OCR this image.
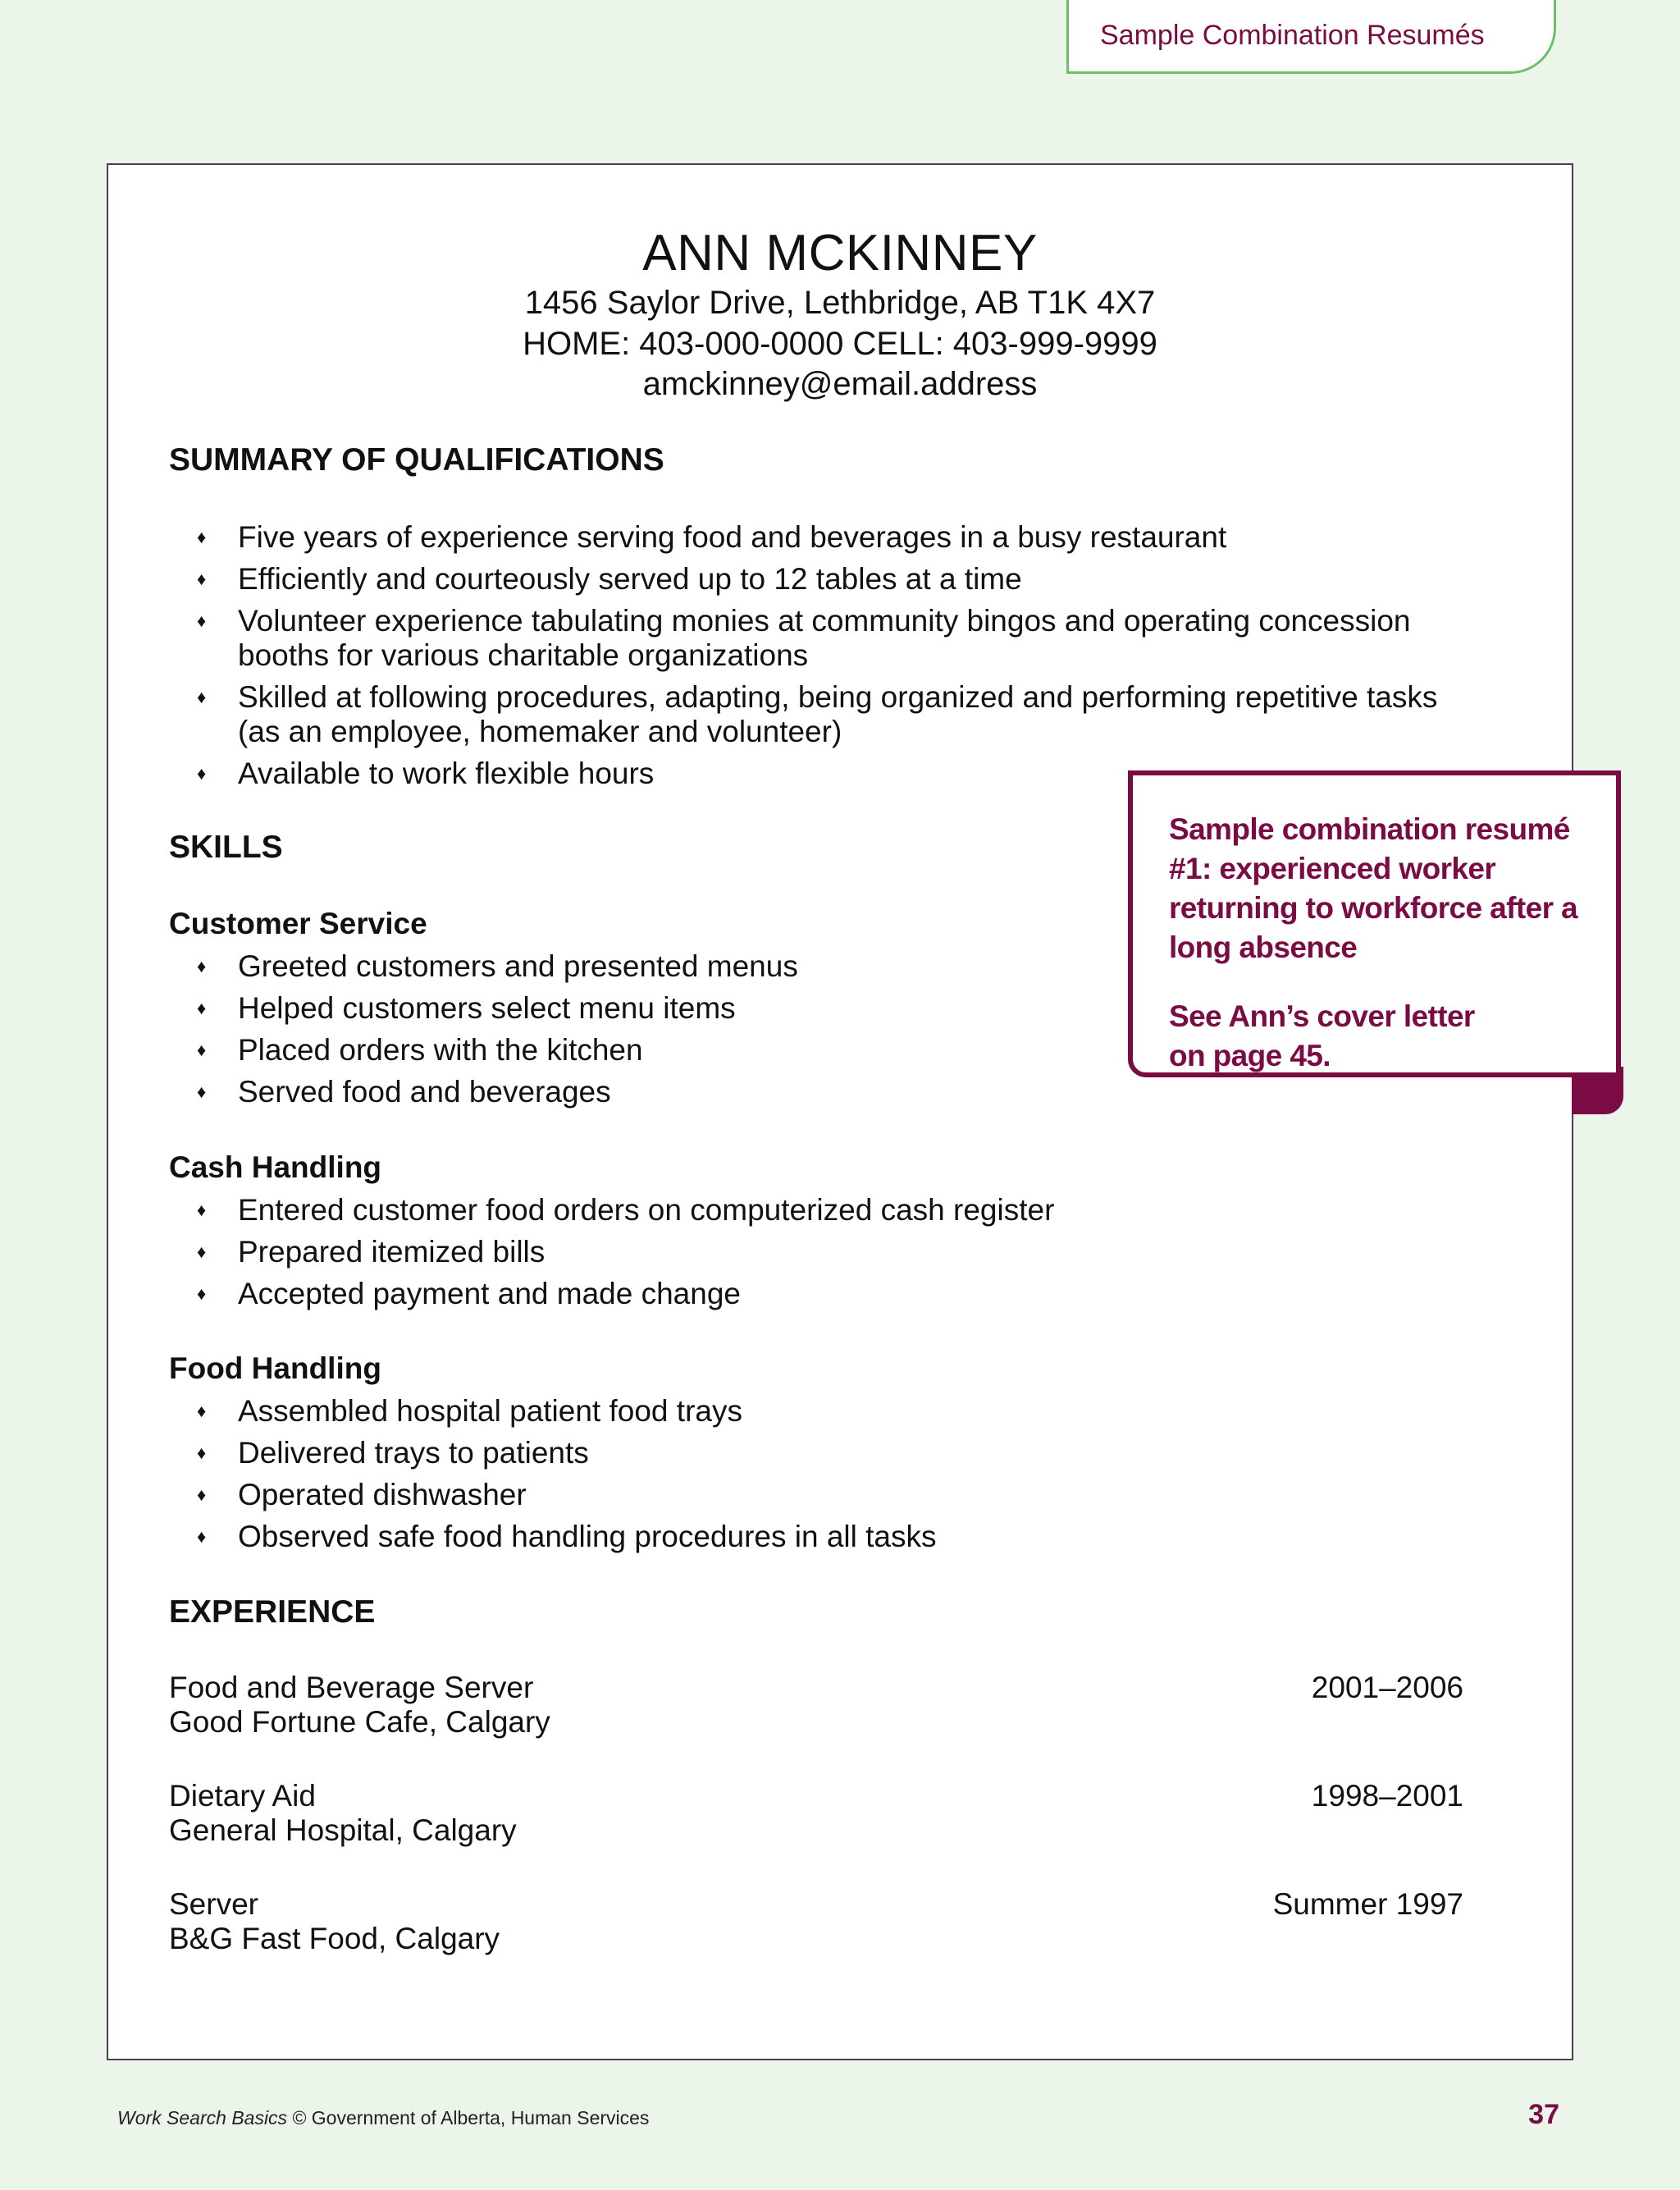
Sample Combination Resumés
ANN MCKINNEY
1456 Saylor Drive, Lethbridge, AB T1K 4X7
HOME: 403-000-0000 CELL: 403-999-9999
amckinney@email.address
SUMMARY OF QUALIFICATIONS
♦ Five years of experience serving food and beverages in a busy restaurant
♦ Efficiently and courteously served up to 12 tables at a time
♦ Volunteer experience tabulating monies at community bingos and operating concession booths for various charitable organizations
♦ Skilled at following procedures, adapting, being organized and performing repetitive tasks (as an employee, homemaker and volunteer)
♦ Available to work flexible hours
SKILLS
Customer Service
♦ Greeted customers and presented menus
♦ Helped customers select menu items
♦ Placed orders with the kitchen
♦ Served food and beverages
Cash Handling
♦ Entered customer food orders on computerized cash register
♦ Prepared itemized bills
♦ Accepted payment and made change
Food Handling
♦ Assembled hospital patient food trays
♦ Delivered trays to patients
♦ Operated dishwasher
♦ Observed safe food handling procedures in all tasks
EXPERIENCE
Food and Beverage Server
Good Fortune Cafe, Calgary
2001–2006
Dietary Aid
General Hospital, Calgary
1998–2001
Server
B&G Fast Food, Calgary
Summer 1997

Sample combination resumé #1: experienced worker returning to workforce after a long absence

See Ann’s cover letter on page 45.

Work Search Basics © Government of Alberta, Human Services	37
